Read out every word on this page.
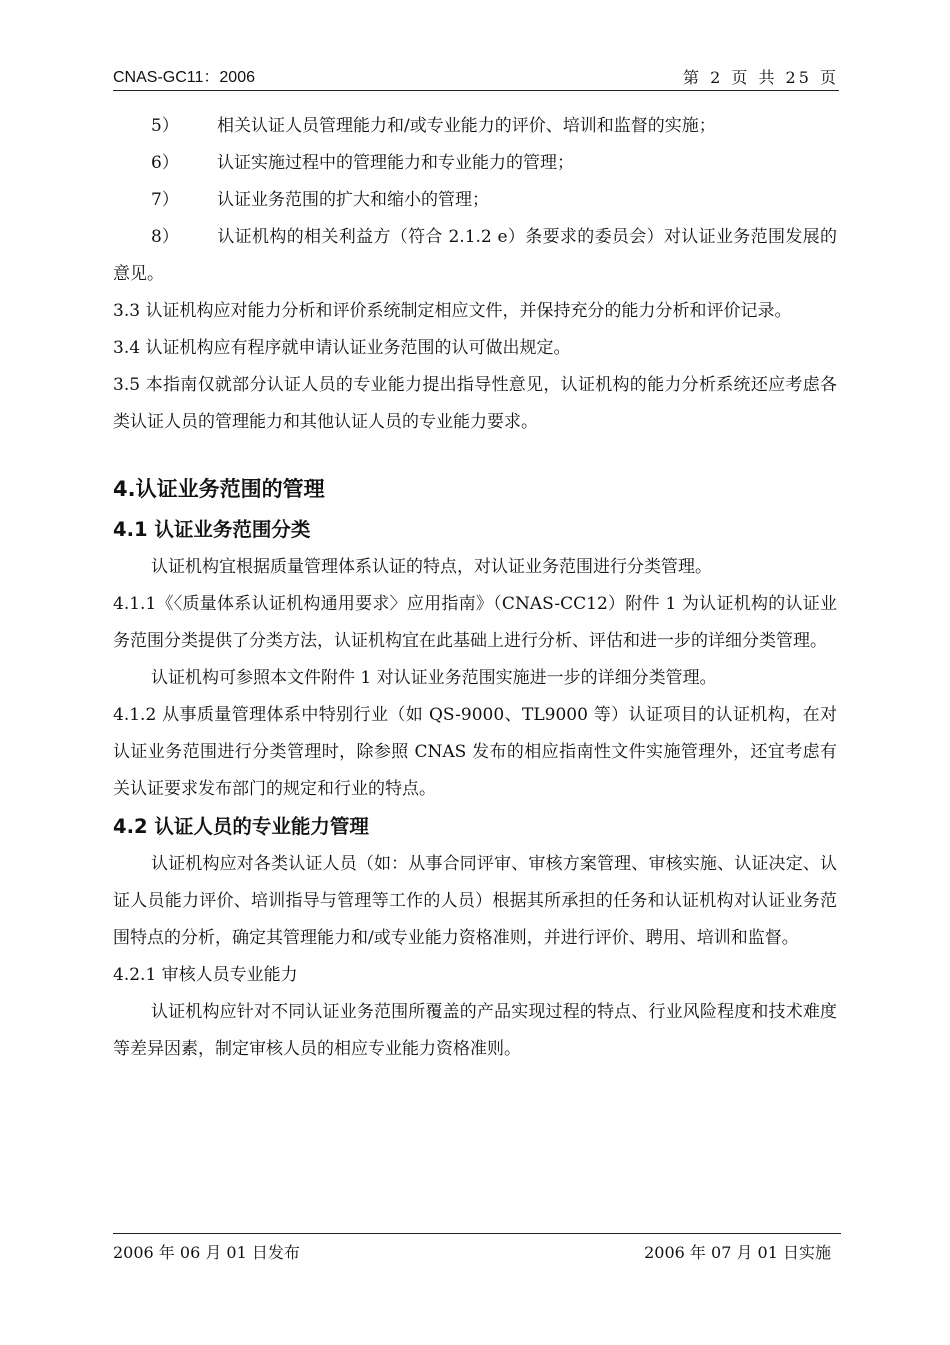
CNAS-GC11：2006	第 2 页 共 25 页
5） 相关认证人员管理能力和/或专业能力的评价、培训和监督的实施；
6） 认证实施过程中的管理能力和专业能力的管理；
7） 认证业务范围的扩大和缩小的管理；

8） 认证机构的相关利益方（符合 2.1.2 e）条要求的委员会）对认证业务范围发展的意见。

3.3 认证机构应对能力分析和评价系统制定相应文件，并保持充分的能力分析和评价记录。

3.4 认证机构应有程序就申请认证业务范围的认可做出规定。

3.5 本指南仅就部分认证人员的专业能力提出指导性意见，认证机构的能力分析系统还应考虑各类认证人员的管理能力和其他认证人员的专业能力要求。

4.认证业务范围的管理
4.1 认证业务范围分类

认证机构宜根据质量管理体系认证的特点，对认证业务范围进行分类管理。

4.1.1《〈质量体系认证机构通用要求〉应用指南》（CNAS-CC12）附件 1 为认证机构的认证业务范围分类提供了分类方法，认证机构宜在此基础上进行分析、评估和进一步的详细分类管理。

认证机构可参照本文件附件 1 对认证业务范围实施进一步的详细分类管理。

4.1.2 从事质量管理体系中特别行业（如 QS-9000、TL9000 等）认证项目的认证机构，在对认证业务范围进行分类管理时，除参照 CNAS 发布的相应指南性文件实施管理外，还宜考虑有关认证要求发布部门的规定和行业的特点。

4.2 认证人员的专业能力管理

认证机构应对各类认证人员（如：从事合同评审、审核方案管理、审核实施、认证决定、认证人员能力评价、培训指导与管理等工作的人员）根据其所承担的任务和认证机构对认证业务范围特点的分析，确定其管理能力和/或专业能力资格准则，并进行评价、聘用、培训和监督。

4.2.1 审核人员专业能力

认证机构应针对不同认证业务范围所覆盖的产品实现过程的特点、行业风险程度和技术难度等差异因素，制定审核人员的相应专业能力资格准则。

2006 年 06 月 01 日发布	2006 年 07 月 01 日实施
